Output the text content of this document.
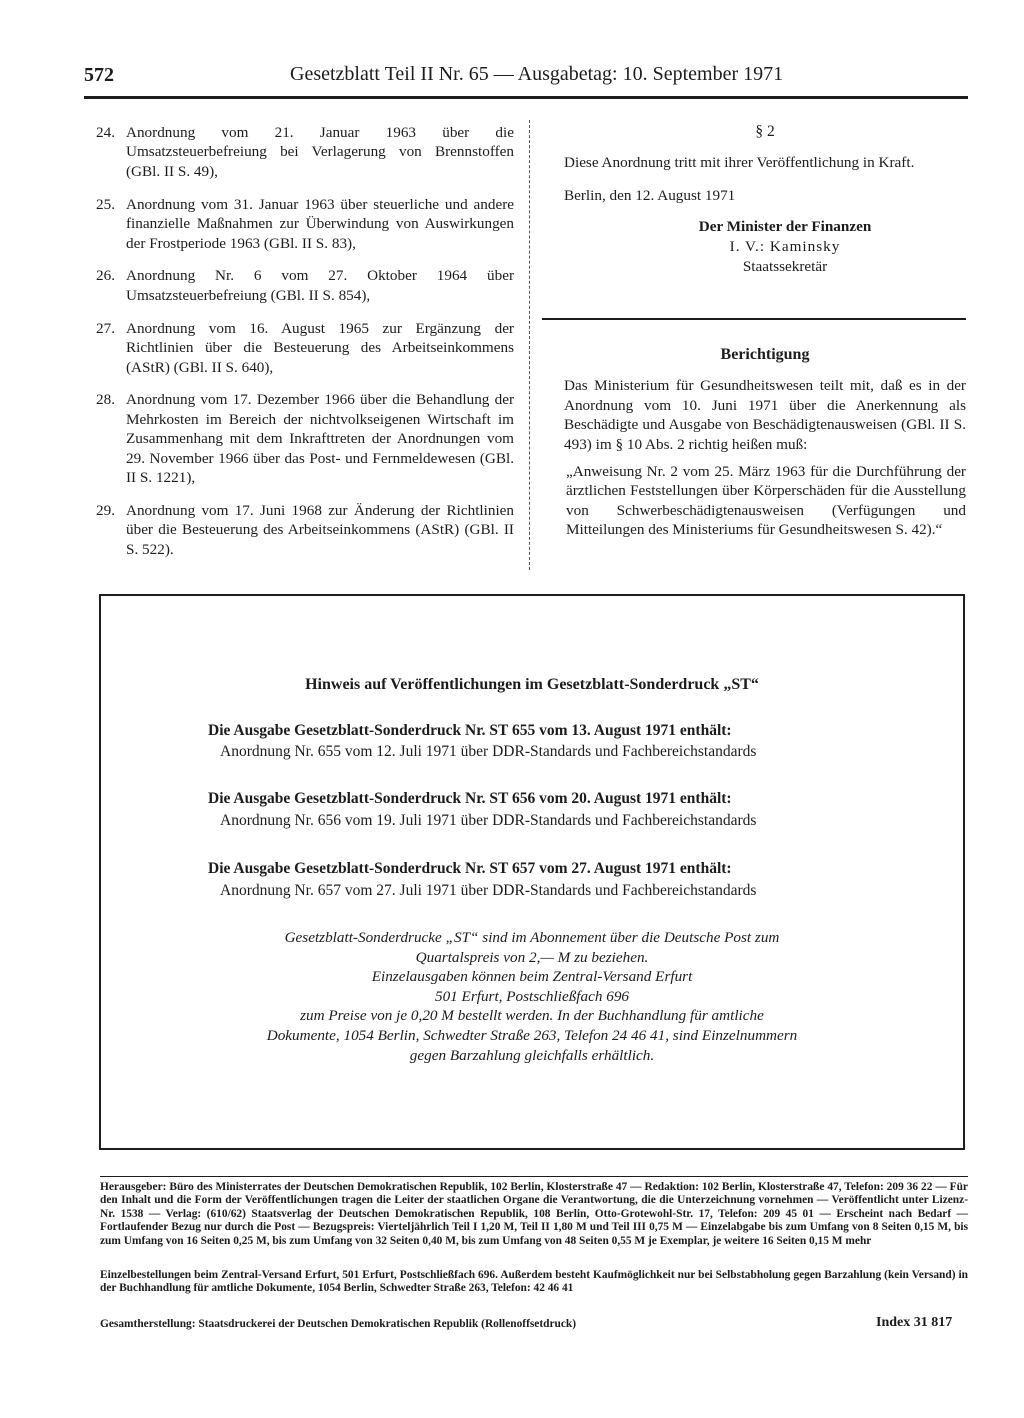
572	Gesetzblatt Teil II Nr. 65 — Ausgabetag: 10. September 1971
24. Anordnung vom 21. Januar 1963 über die Umsatzsteuerbefreiung bei Verlagerung von Brennstoffen (GBl. II S. 49),
25. Anordnung vom 31. Januar 1963 über steuerliche und andere finanzielle Maßnahmen zur Überwindung von Auswirkungen der Frostperiode 1963 (GBl. II S. 83),
26. Anordnung Nr. 6 vom 27. Oktober 1964 über Umsatzsteuerbefreiung (GBl. II S. 854),
27. Anordnung vom 16. August 1965 zur Ergänzung der Richtlinien über die Besteuerung des Arbeitseinkommens (AStR) (GBl. II S. 640),
28. Anordnung vom 17. Dezember 1966 über die Behandlung der Mehrkosten im Bereich der nichtvolkseigenen Wirtschaft im Zusammenhang mit dem Inkrafttreten der Anordnungen vom 29. November 1966 über das Post- und Fernmeldewesen (GBl. II S. 1221),
29. Anordnung vom 17. Juni 1968 zur Änderung der Richtlinien über die Besteuerung des Arbeitseinkommens (AStR) (GBl. II S. 522).
§ 2
Diese Anordnung tritt mit ihrer Veröffentlichung in Kraft.
Berlin, den 12. August 1971
Der Minister der Finanzen
I. V.: Kaminsky
Staatssekretär
Berichtigung
Das Ministerium für Gesundheitswesen teilt mit, daß es in der Anordnung vom 10. Juni 1971 über die Anerkennung als Beschädigte und Ausgabe von Beschädigtenausweisen (GBl. II S. 493) im § 10 Abs. 2 richtig heißen muß:
„Anweisung Nr. 2 vom 25. März 1963 für die Durchführung der ärztlichen Feststellungen über Körperschäden für die Ausstellung von Schwerbeschädigtenausweisen (Verfügungen und Mitteilungen des Ministeriums für Gesundheitswesen S. 42).“
Hinweis auf Veröffentlichungen im Gesetzblatt-Sonderdruck „ST“
Die Ausgabe Gesetzblatt-Sonderdruck Nr. ST 655 vom 13. August 1971 enthält:
Anordnung Nr. 655 vom 12. Juli 1971 über DDR-Standards und Fachbereichstandards
Die Ausgabe Gesetzblatt-Sonderdruck Nr. ST 656 vom 20. August 1971 enthält:
Anordnung Nr. 656 vom 19. Juli 1971 über DDR-Standards und Fachbereichstandards
Die Ausgabe Gesetzblatt-Sonderdruck Nr. ST 657 vom 27. August 1971 enthält:
Anordnung Nr. 657 vom 27. Juli 1971 über DDR-Standards und Fachbereichstandards
Gesetzblatt-Sonderdrucke „ST“ sind im Abonnement über die Deutsche Post zum
Quartalspreis von 2,— M zu beziehen.
Einzelausgaben können beim Zentral-Versand Erfurt
501 Erfurt, Postschließfach 696
zum Preise von je 0,20 M bestellt werden. In der Buchhandlung für amtliche
Dokumente, 1054 Berlin, Schwedter Straße 263, Telefon 24 46 41, sind Einzelnummern
gegen Barzahlung gleichfalls erhältlich.
Herausgeber: Büro des Ministerrates der Deutschen Demokratischen Republik, 102 Berlin, Klosterstraße 47 — Redaktion: 102 Berlin, Klosterstraße 47, Telefon: 209 36 22 — Für den Inhalt und die Form der Veröffentlichungen tragen die Leiter der staatlichen Organe die Verantwortung, die die Unterzeichnung vornehmen — Veröffentlicht unter Lizenz-Nr. 1538 — Verlag: (610/62) Staatsverlag der Deutschen Demokratischen Republik, 108 Berlin, Otto-Grotewohl-Str. 17, Telefon: 209 45 01 — Erscheint nach Bedarf — Fortlaufender Bezug nur durch die Post — Bezugspreis: Vierteljährlich Teil I 1,20 M, Teil II 1,80 M und Teil III 0,75 M — Einzelabgabe bis zum Umfang von 8 Seiten 0,15 M, bis zum Umfang von 16 Seiten 0,25 M, bis zum Umfang von 32 Seiten 0,40 M, bis zum Umfang von 48 Seiten 0,55 M je Exemplar, je weitere 16 Seiten 0,15 M mehr
Einzelbestellungen beim Zentral-Versand Erfurt, 501 Erfurt, Postschließfach 696. Außerdem besteht Kaufmöglichkeit nur bei Selbstabholung gegen Barzahlung (kein Versand) in der Buchhandlung für amtliche Dokumente, 1054 Berlin, Schwedter Straße 263, Telefon: 42 46 41
Gesamtherstellung: Staatsdruckerei der Deutschen Demokratischen Republik (Rollenoffsetdruck)	Index 31 817
